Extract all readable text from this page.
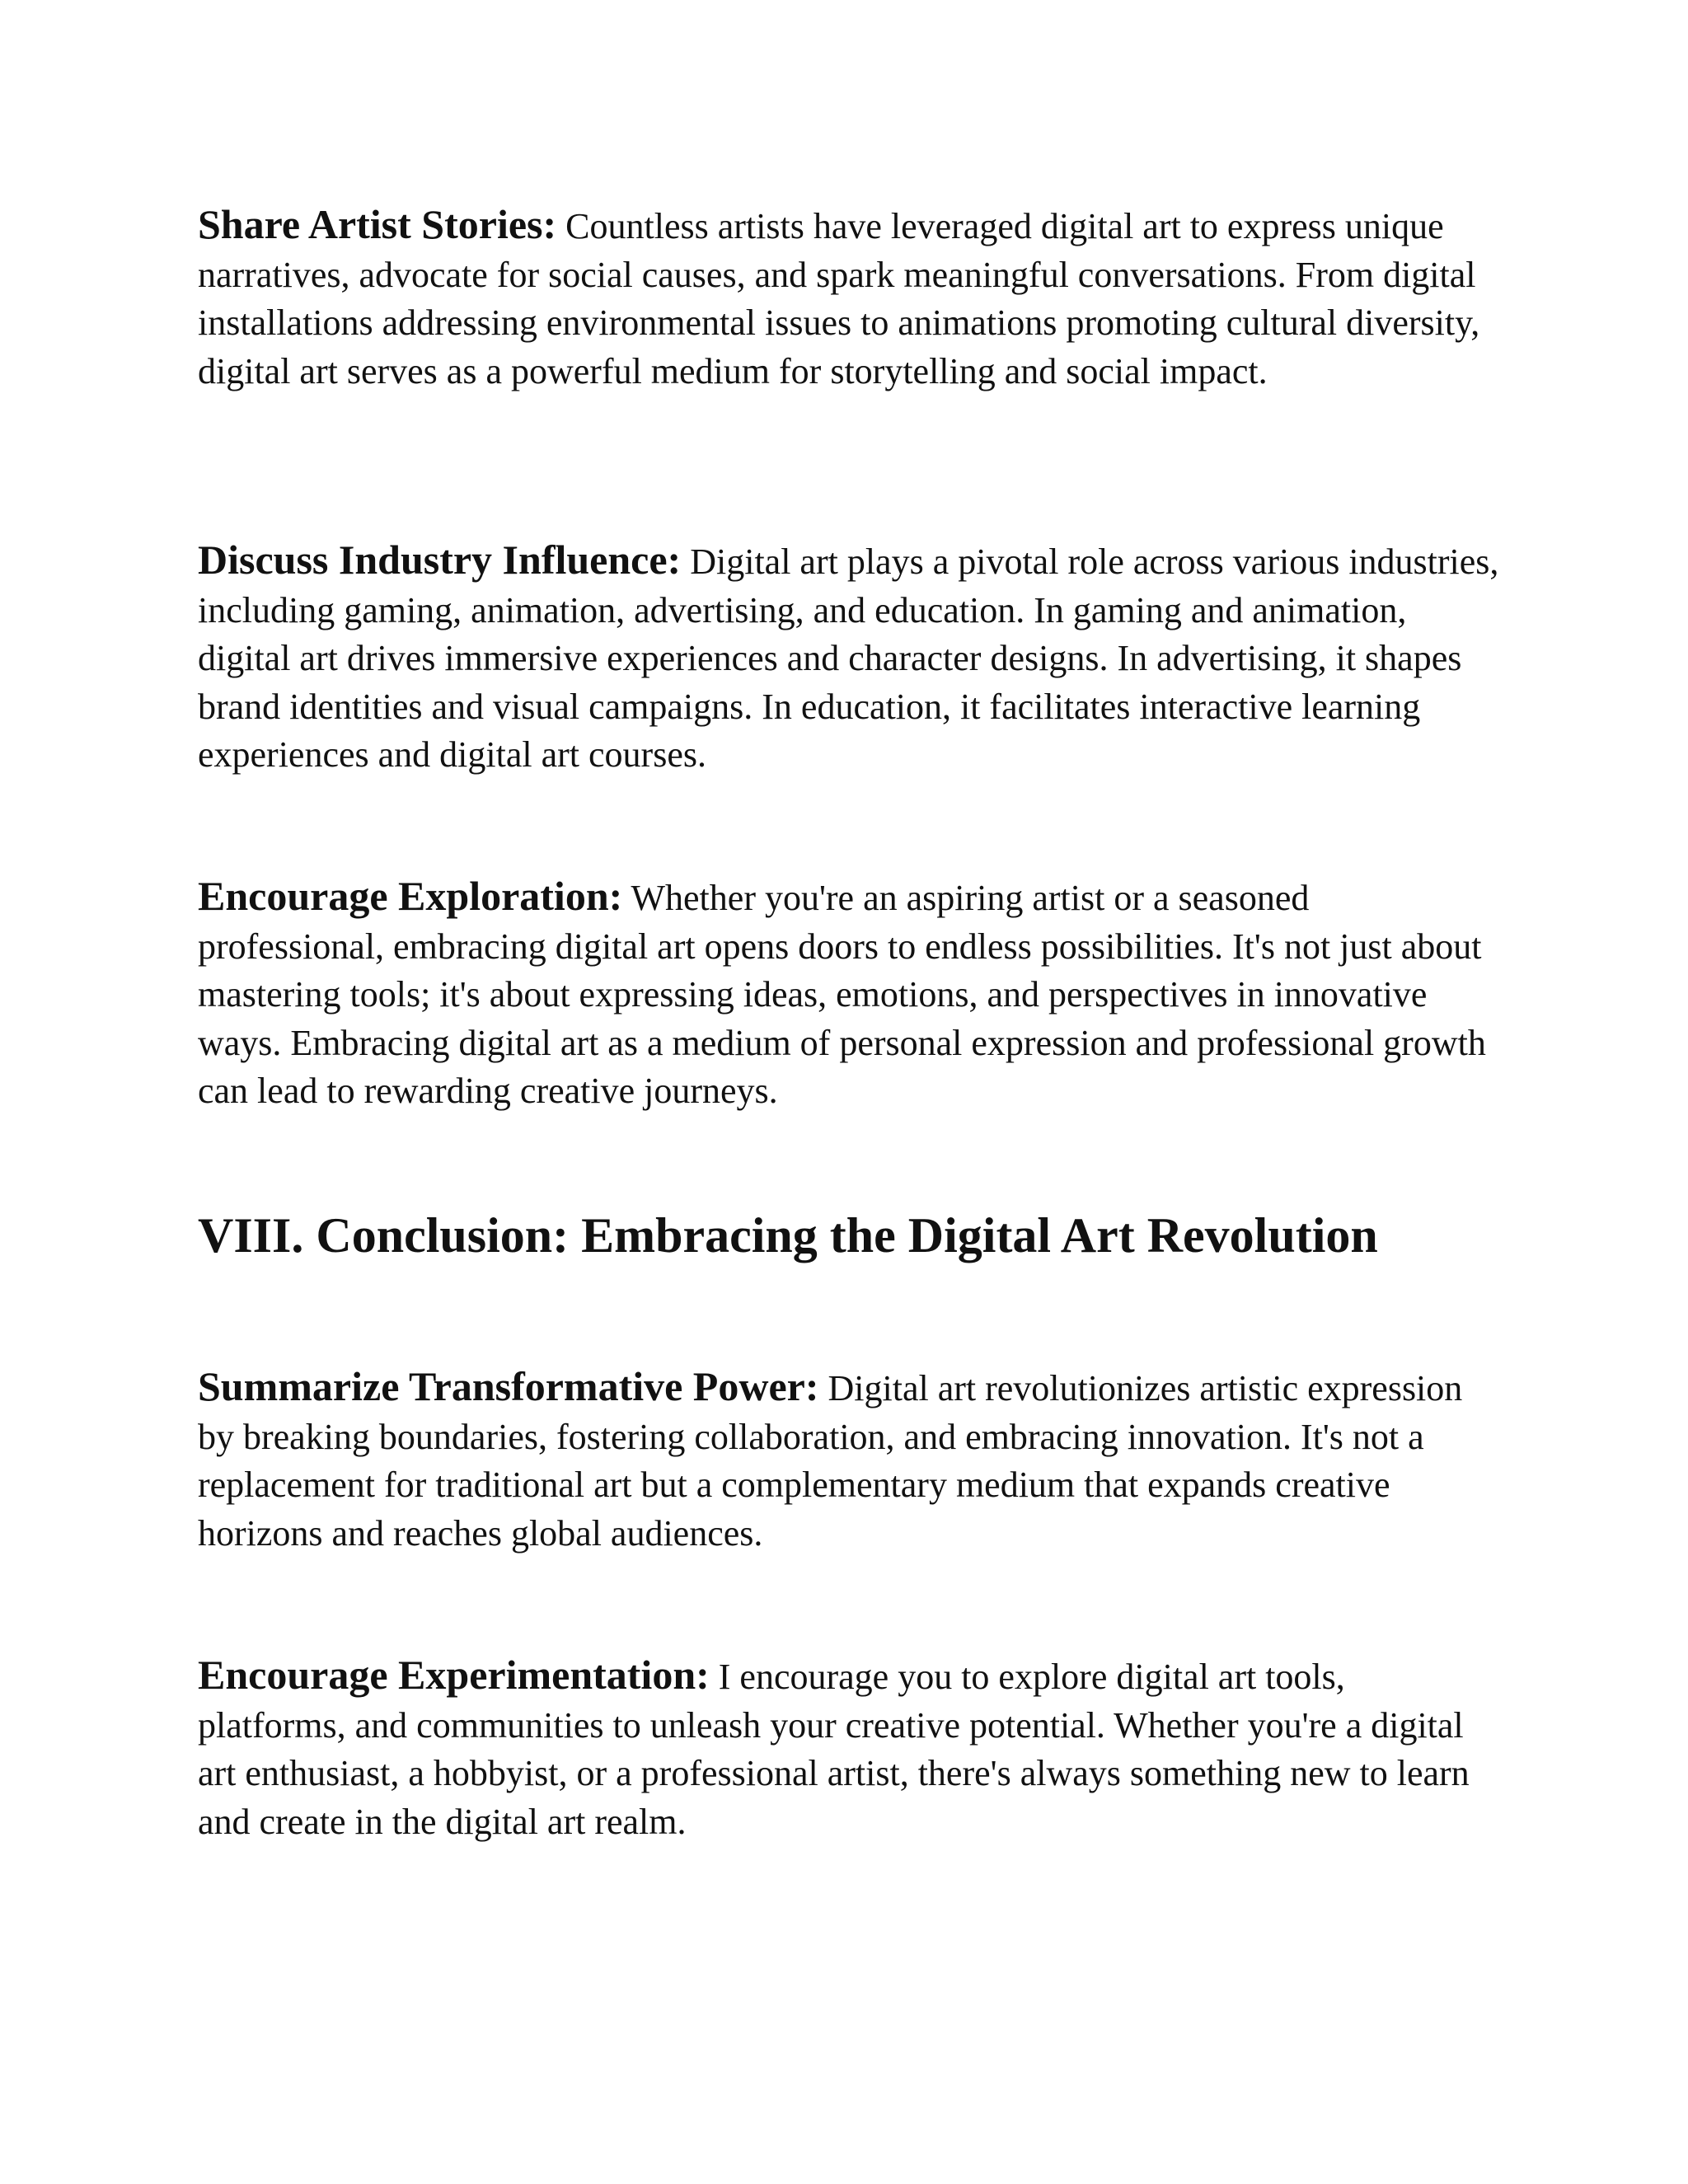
Share Artist Stories: Countless artists have leveraged digital art to express unique narratives, advocate for social causes, and spark meaningful conversations. From digital installations addressing environmental issues to animations promoting cultural diversity, digital art serves as a powerful medium for storytelling and social impact.

Discuss Industry Influence: Digital art plays a pivotal role across various industries, including gaming, animation, advertising, and education. In gaming and animation, digital art drives immersive experiences and character designs. In advertising, it shapes brand identities and visual campaigns. In education, it facilitates interactive learning experiences and digital art courses.

Encourage Exploration: Whether you're an aspiring artist or a seasoned professional, embracing digital art opens doors to endless possibilities. It's not just about mastering tools; it's about expressing ideas, emotions, and perspectives in innovative ways. Embracing digital art as a medium of personal expression and professional growth can lead to rewarding creative journeys.

VIII. Conclusion: Embracing the Digital Art Revolution

Summarize Transformative Power: Digital art revolutionizes artistic expression by breaking boundaries, fostering collaboration, and embracing innovation. It's not a replacement for traditional art but a complementary medium that expands creative horizons and reaches global audiences.

Encourage Experimentation: I encourage you to explore digital art tools, platforms, and communities to unleash your creative potential. Whether you're a digital art enthusiast, a hobbyist, or a professional artist, there's always something new to learn and create in the digital art realm.
